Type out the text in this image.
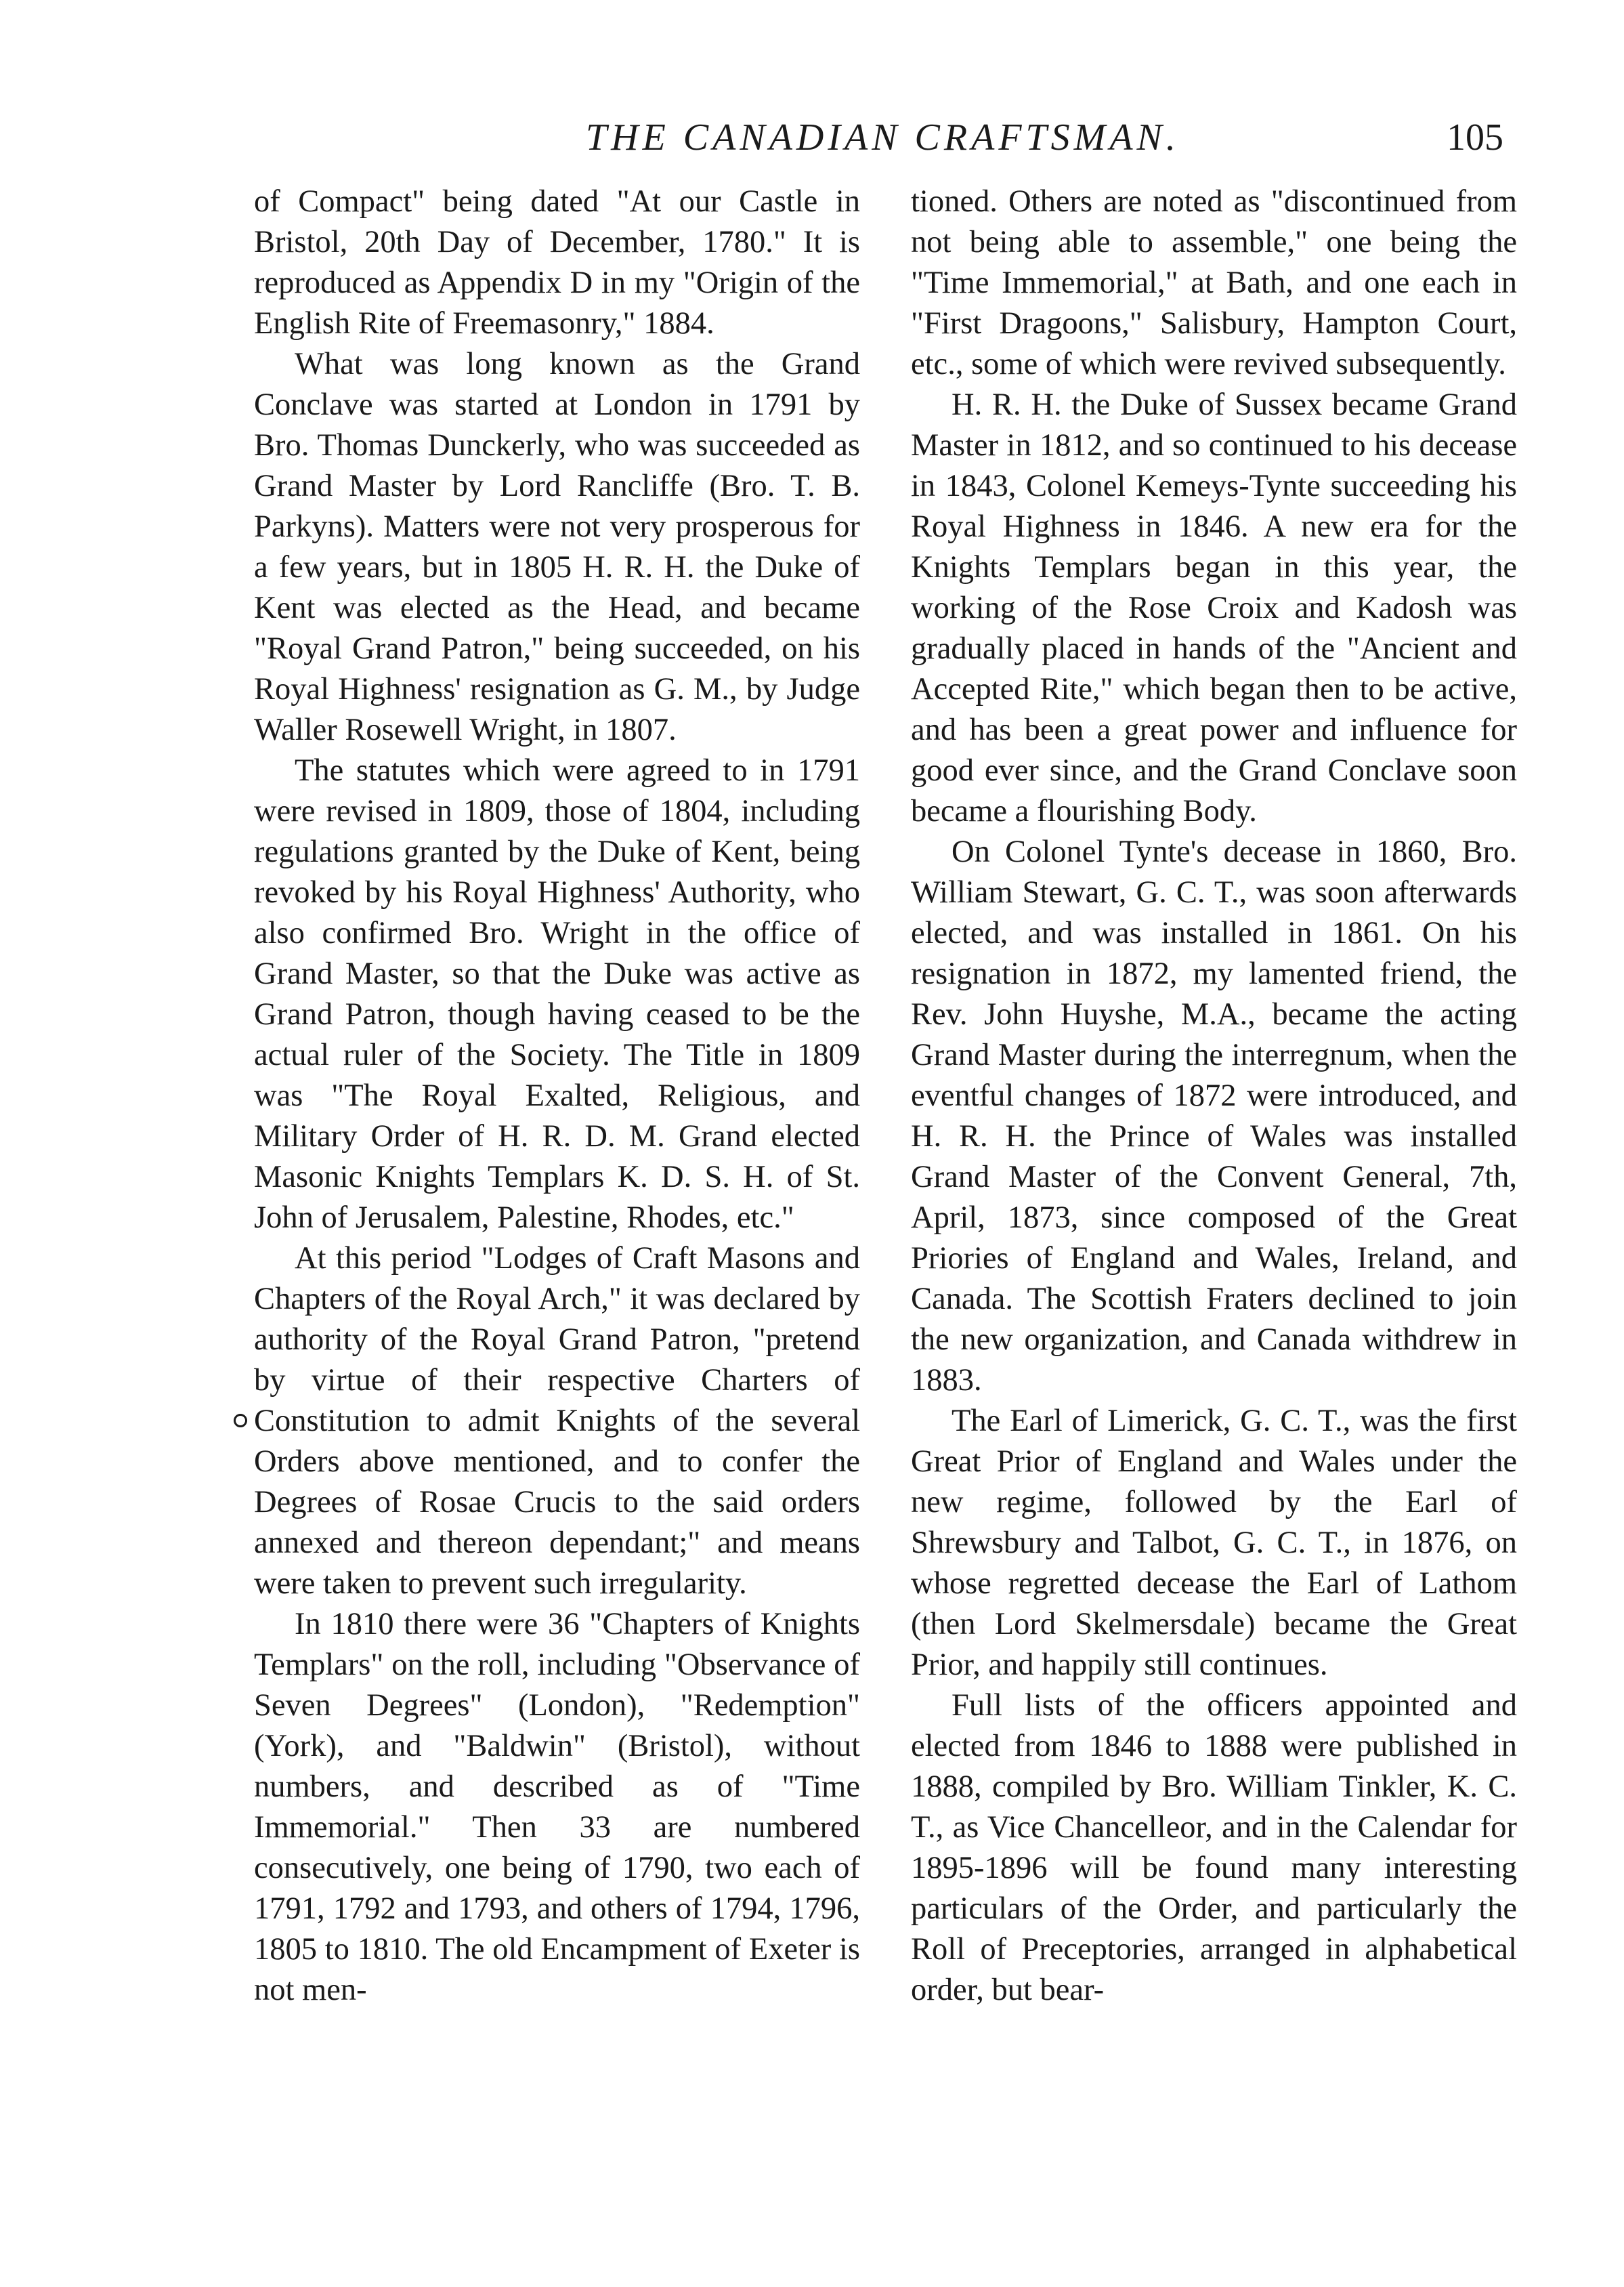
THE CANADIAN CRAFTSMAN.	105

of Compact" being dated "At our Castle in Bristol, 20th Day of December, 1780." It is reproduced as Appendix D in my "Origin of the English Rite of Freemasonry," 1884.

What was long known as the Grand Conclave was started at London in 1791 by Bro. Thomas Dunckerly, who was succeeded as Grand Master by Lord Rancliffe (Bro. T. B. Parkyns). Matters were not very prosperous for a few years, but in 1805 H. R. H. the Duke of Kent was elected as the Head, and became "Royal Grand Patron," being succeeded, on his Royal Highness' resignation as G. M., by Judge Waller Rosewell Wright, in 1807.

The statutes which were agreed to in 1791 were revised in 1809, those of 1804, including regulations granted by the Duke of Kent, being revoked by his Royal Highness' Authority, who also confirmed Bro. Wright in the office of Grand Master, so that the Duke was active as Grand Patron, though having ceased to be the actual ruler of the Society. The Title in 1809 was "The Royal Exalted, Religious, and Military Order of H. R. D. M. Grand elected Masonic Knights Templars K. D. S. H. of St. John of Jerusalem, Palestine, Rhodes, etc."

At this period "Lodges of Craft Masons and Chapters of the Royal Arch," it was declared by authority of the Royal Grand Patron, "pretend by virtue of their respective Charters of Constitution to admit Knights of the several Orders above mentioned, and to confer the Degrees of Rosae Crucis to the said orders annexed and thereon dependant;" and means were taken to prevent such irregularity.

In 1810 there were 36 "Chapters of Knights Templars" on the roll, including "Observance of Seven Degrees" (London), "Redemption" (York), and "Baldwin" (Bristol), without numbers, and described as of "Time Immemorial." Then 33 are numbered consecutively, one being of 1790, two each of 1791, 1792 and 1793, and others of 1794, 1796, 1805 to 1810. The old Encampment of Exeter is not men-

tioned. Others are noted as "discontinued from not being able to assemble," one being the "Time Immemorial," at Bath, and one each in "First Dragoons," Salisbury, Hampton Court, etc., some of which were revived subsequently.

H. R. H. the Duke of Sussex became Grand Master in 1812, and so continued to his decease in 1843, Colonel Kemeys-Tynte succeeding his Royal Highness in 1846. A new era for the Knights Templars began in this year, the working of the Rose Croix and Kadosh was gradually placed in hands of the "Ancient and Accepted Rite," which began then to be active, and has been a great power and influence for good ever since, and the Grand Conclave soon became a flourishing Body.

On Colonel Tynte's decease in 1860, Bro. William Stewart, G. C. T., was soon afterwards elected, and was installed in 1861. On his resignation in 1872, my lamented friend, the Rev. John Huyshe, M.A., became the acting Grand Master during the interregnum, when the eventful changes of 1872 were introduced, and H. R. H. the Prince of Wales was installed Grand Master of the Convent General, 7th, April, 1873, since composed of the Great Priories of England and Wales, Ireland, and Canada. The Scottish Fraters declined to join the new organization, and Canada withdrew in 1883.

The Earl of Limerick, G. C. T., was the first Great Prior of England and Wales under the new regime, followed by the Earl of Shrewsbury and Talbot, G. C. T., in 1876, on whose regretted decease the Earl of Lathom (then Lord Skelmersdale) became the Great Prior, and happily still continues.

Full lists of the officers appointed and elected from 1846 to 1888 were published in 1888, compiled by Bro. William Tinkler, K. C. T., as Vice Chancelleor, and in the Calendar for 1895-1896 will be found many interesting particulars of the Order, and particularly the Roll of Preceptories, arranged in alphabetical order, but bear-
